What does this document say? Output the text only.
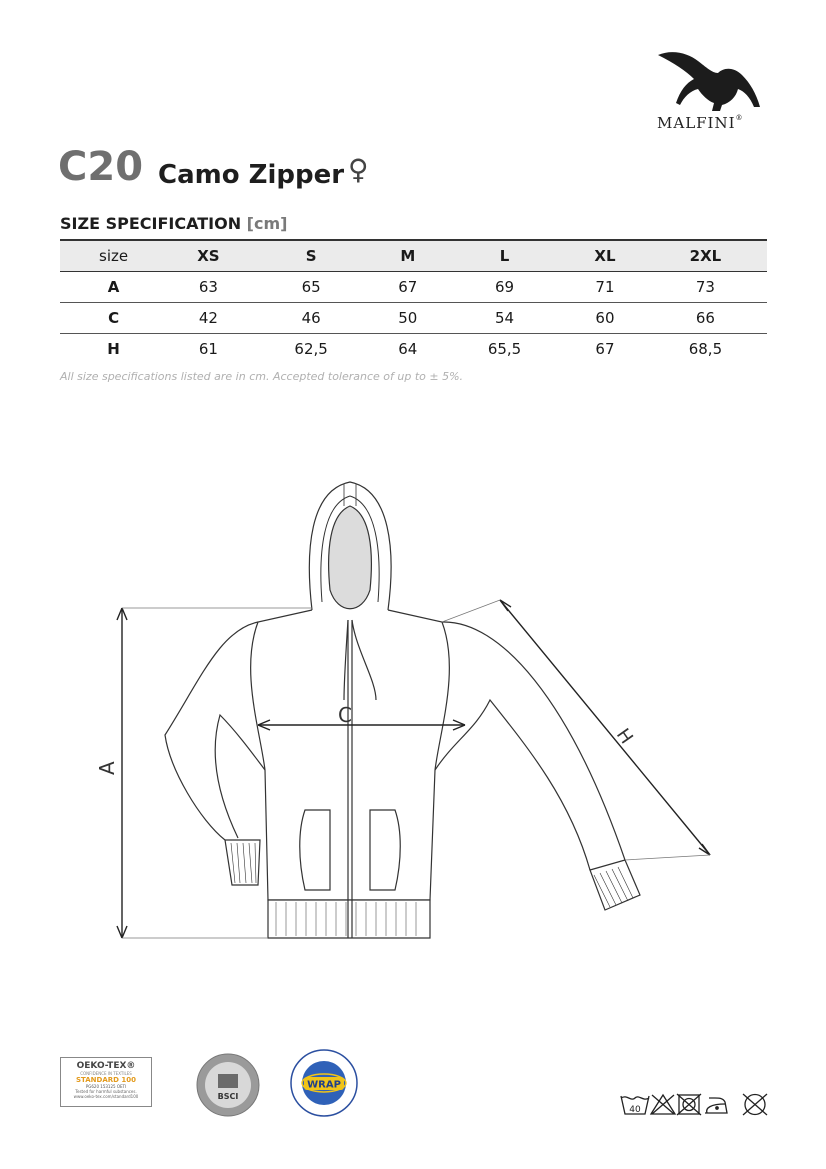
MALFINI®
C20 Camo Zipper ♀
SIZE SPECIFICATION [cm]
size	XS	S	M	L	XL	2XL
A	63	65	67	69	71	73
C	42	46	50	54	60	66
H	61	62,5	64	65,5	67	68,5
All size specifications listed are in cm. Accepted tolerance of up to ± 5%.
A
C
H
OEKO-TEX®
CONFIDENCE IN TEXTILES
STANDARD 100
PG620 153125 OETI
Tested for harmful substances.
www.oeko-tex.com/standard100	BSCI
WRAP
40
